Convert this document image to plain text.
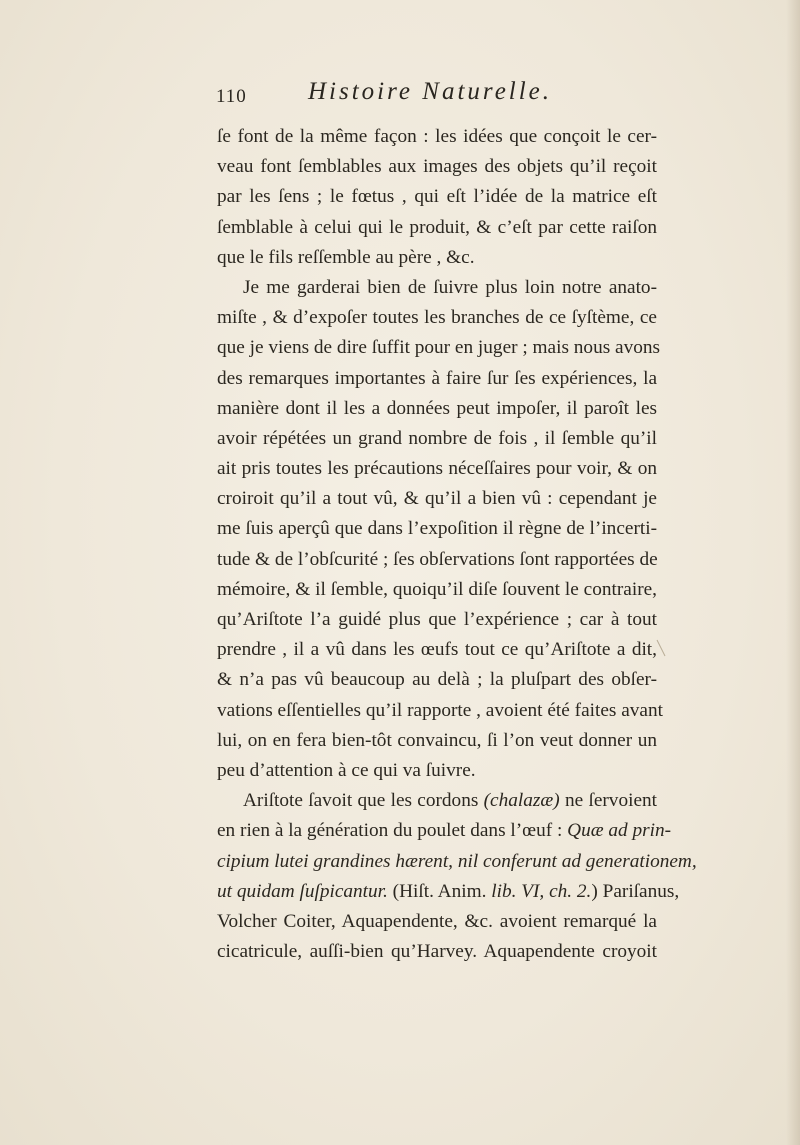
110 Histoire Naturelle.
ſe font de la même façon : les idées que conçoit le cer-
veau font ſemblables aux images des objets qu’il reçoit
par les ſens ; le fœtus , qui eſt l’idée de la matrice eſt
ſemblable à celui qui le produit, & c’eſt par cette raiſon
que le fils reſſemble au père , &c.
Je me garderai bien de ſuivre plus loin notre anato-
miſte , & d’expoſer toutes les branches de ce ſyſtème, ce
que je viens de dire ſuffit pour en juger ; mais nous avons
des remarques importantes à faire ſur ſes expériences, la
manière dont il les a données peut impoſer, il paroît les
avoir répétées un grand nombre de fois , il ſemble qu’il
ait pris toutes les précautions néceſſaires pour voir, & on
croiroit qu’il a tout vû, & qu’il a bien vû : cependant je
me ſuis aperçû que dans l’expoſition il règne de l’incerti-
tude & de l’obſcurité ; ſes obſervations ſont rapportées de
mémoire, & il ſemble, quoiqu’il diſe ſouvent le contraire,
qu’Ariſtote l’a guidé plus que l’expérience ; car à tout
prendre , il a vû dans les œufs tout ce qu’Ariſtote a dit,
& n’a pas vû beaucoup au delà ; la pluſpart des obſer-
vations eſſentielles qu’il rapporte , avoient été faites avant
lui, on en fera bien-tôt convaincu, ſi l’on veut donner un
peu d’attention à ce qui va ſuivre.
Ariſtote ſavoit que les cordons (chalazæ) ne ſervoient
en rien à la génération du poulet dans l’œuf : Quæ ad prin-
cipium lutei grandines hærent, nil conferunt ad generationem,
ut quidam ſuſpicantur. (Hiſt. Anim. lib. VI, ch. 2.) Pariſanus,
Volcher Coiter, Aquapendente, &c. avoient remarqué la
cicatricule, auſſi-bien qu’Harvey. Aquapendente croyoit
